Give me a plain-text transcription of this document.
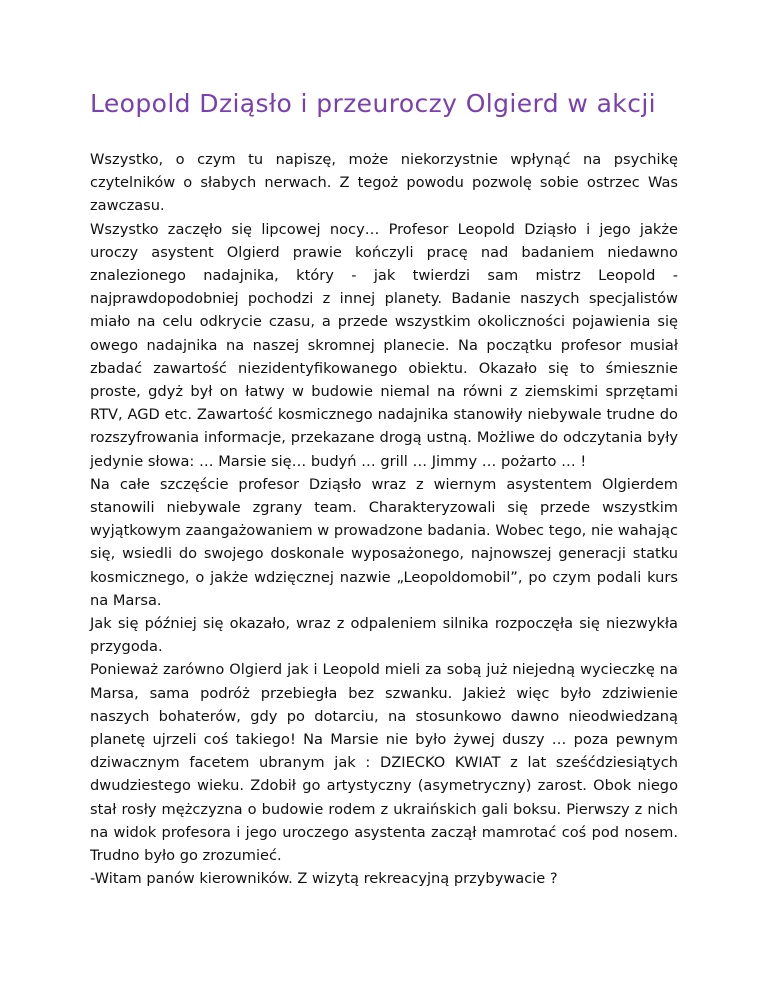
Leopold Dziąsło i przeuroczy Olgierd w akcji

Wszystko, o czym tu napiszę, może niekorzystnie wpłynąć na psychikę czytelników o słabych nerwach. Z tegoż powodu pozwolę sobie ostrzec Was zawczasu.

Wszystko zaczęło się lipcowej nocy… Profesor Leopold Dziąsło i jego jakże uroczy asystent Olgierd prawie kończyli pracę nad badaniem niedawno znalezionego nadajnika, który - jak twierdzi sam mistrz Leopold - najprawdopodobniej pochodzi z innej planety. Badanie naszych specjalistów miało na celu odkrycie czasu, a przede wszystkim okoliczności pojawienia się owego nadajnika na naszej skromnej planecie. Na początku profesor musiał zbadać zawartość niezidentyfikowanego obiektu. Okazało się to śmiesznie proste, gdyż był on łatwy w budowie niemal na równi z ziemskimi sprzętami RTV, AGD etc. Zawartość kosmicznego nadajnika stanowiły niebywale trudne do rozszyfrowania informacje, przekazane drogą ustną. Możliwe do odczytania były jedynie słowa: … Marsie się… budyń … grill … Jimmy … pożarto … !

Na całe szczęście profesor Dziąsło wraz z wiernym asystentem Olgierdem stanowili niebywale zgrany team. Charakteryzowali się przede wszystkim wyjątkowym zaangażowaniem w prowadzone badania. Wobec tego, nie wahając się, wsiedli do swojego doskonale wyposażonego, najnowszej generacji statku kosmicznego, o jakże wdzięcznej nazwie „Leopoldomobil”, po czym podali kurs na Marsa.

Jak się później się okazało, wraz z odpaleniem silnika rozpoczęła się niezwykła przygoda.

Ponieważ zarówno Olgierd jak i Leopold mieli za sobą już niejedną wycieczkę na Marsa, sama podróż przebiegła bez szwanku. Jakież więc było zdziwienie naszych bohaterów, gdy po dotarciu, na stosunkowo dawno nieodwiedzaną planetę ujrzeli coś takiego! Na Marsie nie było żywej duszy … poza pewnym dziwacznym facetem ubranym jak : DZIECKO KWIAT z lat sześćdziesiątych dwudziestego wieku. Zdobił go artystyczny (asymetryczny) zarost. Obok niego stał rosły mężczyzna o budowie rodem z ukraińskich gali boksu. Pierwszy z nich na widok profesora i jego uroczego asystenta zaczął mamrotać coś pod nosem. Trudno było go zrozumieć.

-Witam panów kierowników. Z wizytą rekreacyjną przybywacie ?
